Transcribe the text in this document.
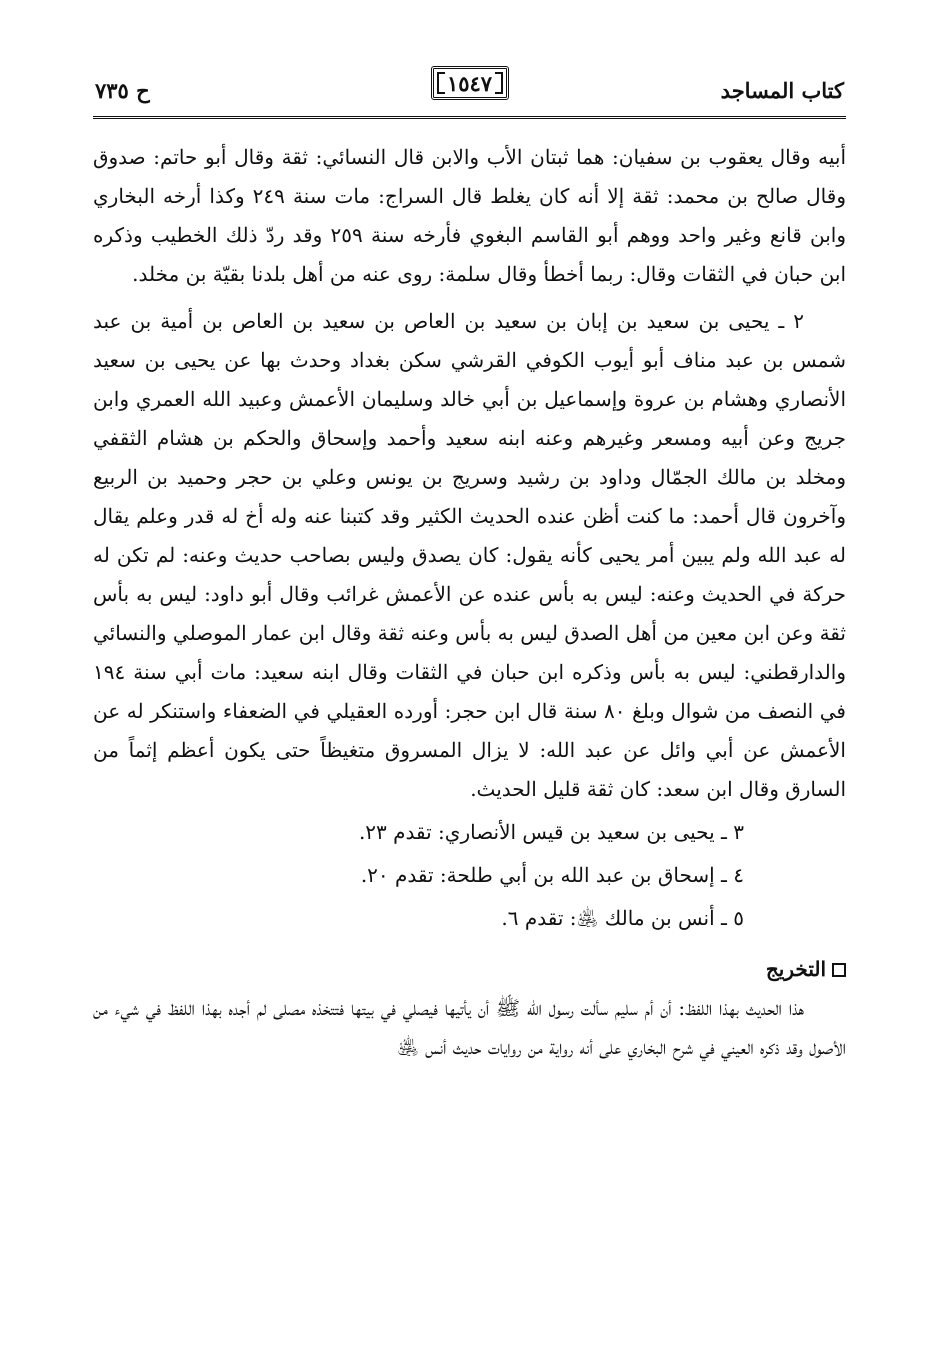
كتاب المساجد
١٥٤٧
ح ٧٣٥

أبيه وقال يعقوب بن سفيان: هما ثبتان الأب والابن قال النسائي: ثقة وقال أبو حاتم: صدوق وقال صالح بن محمد: ثقة إلا أنه كان يغلط قال السراج: مات سنة ٢٤٩ وكذا أرخه البخاري وابن قانع وغير واحد ووهم أبو القاسم البغوي فأرخه سنة ٢٥٩ وقد ردّ ذلك الخطيب وذكره ابن حبان في الثقات وقال: ربما أخطأ وقال سلمة: روى عنه من أهل بلدنا بقيّة بن مخلد.

٢ ـ يحيى بن سعيد بن إبان بن سعيد بن العاص بن سعيد بن العاص بن أمية بن عبد شمس بن عبد مناف أبو أيوب الكوفي القرشي سكن بغداد وحدث بها عن يحيى بن سعيد الأنصاري وهشام بن عروة وإسماعيل بن أبي خالد وسليمان الأعمش وعبيد الله العمري وابن جريج وعن أبيه ومسعر وغيرهم وعنه ابنه سعيد وأحمد وإسحاق والحكم بن هشام الثقفي ومخلد بن مالك الجمّال وداود بن رشيد وسريج بن يونس وعلي بن حجر وحميد بن الربيع وآخرون قال أحمد: ما كنت أظن عنده الحديث الكثير وقد كتبنا عنه وله أخ له قدر وعلم يقال له عبد الله ولم يبين أمر يحيى كأنه يقول: كان يصدق وليس بصاحب حديث وعنه: لم تكن له حركة في الحديث وعنه: ليس به بأس عنده عن الأعمش غرائب وقال أبو داود: ليس به بأس ثقة وعن ابن معين من أهل الصدق ليس به بأس وعنه ثقة وقال ابن عمار الموصلي والنسائي والدارقطني: ليس به بأس وذكره ابن حبان في الثقات وقال ابنه سعيد: مات أبي سنة ١٩٤ في النصف من شوال وبلغ ٨٠ سنة قال ابن حجر: أورده العقيلي في الضعفاء واستنكر له عن الأعمش عن أبي وائل عن عبد الله: لا يزال المسروق متغيظاً حتى يكون أعظم إثماً من السارق وقال ابن سعد: كان ثقة قليل الحديث.

٣ ـ يحيى بن سعيد بن قيس الأنصاري: تقدم ٢٣.

٤ ـ إسحاق بن عبد الله بن أبي طلحة: تقدم ٢٠.

٥ ـ أنس بن مالك ﵁: تقدم ٦.

التخريج

هذا الحديث بهذا اللفظ: أن أم سليم سألت رسول الله ﷺ أن يأتيها فيصلي في بيتها فتتخذه مصلى لم أجده بهذا اللفظ في شيء من الأصول وقد ذكره العيني في شرح البخاري على أنه رواية من روايات حديث أنس ﵁
